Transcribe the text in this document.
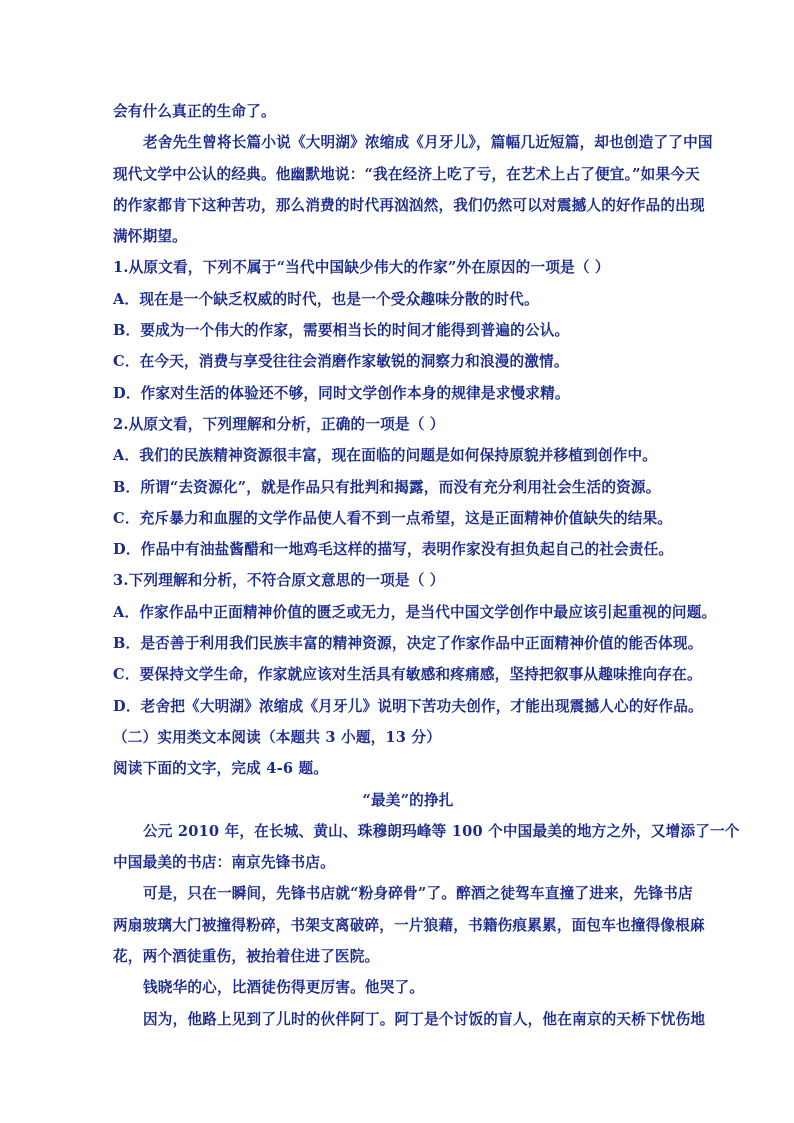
会有什么真正的生命了。
老舍先生曾将长篇小说《大明湖》浓缩成《月牙儿》，篇幅几近短篇，却也创造了了中国
现代文学中公认的经典。他幽默地说：“我在经济上吃了亏，在艺术上占了便宜。”如果今天
的作家都肯下这种苦功，那么消费的时代再汹汹然，我们仍然可以对震撼人的好作品的出现
满怀期望。
1.从原文看，下列不属于“当代中国缺少伟大的作家”外在原因的一项是（ ）
A．现在是一个缺乏权威的时代，也是一个受众趣味分散的时代。
B．要成为一个伟大的作家，需要相当长的时间才能得到普遍的公认。
C．在今天，消费与享受往往会消磨作家敏锐的洞察力和浪漫的激情。
D．作家对生活的体验还不够，同时文学创作本身的规律是求慢求精。
2.从原文看，下列理解和分析，正确的一项是（ ）
A．我们的民族精神资源很丰富，现在面临的问题是如何保持原貌并移植到创作中。
B．所谓“去资源化”，就是作品只有批判和揭露，而没有充分利用社会生活的资源。
C．充斥暴力和血腥的文学作品使人看不到一点希望，这是正面精神价值缺失的结果。
D．作品中有油盐酱醋和一地鸡毛这样的描写，表明作家没有担负起自己的社会责任。
3.下列理解和分析，不符合原文意思的一项是（ ）
A．作家作品中正面精神价值的匮乏或无力，是当代中国文学创作中最应该引起重视的问题。
B．是否善于利用我们民族丰富的精神资源，决定了作家作品中正面精神价值的能否体现。
C．要保持文学生命，作家就应该对生活具有敏感和疼痛感，坚持把叙事从趣味推向存在。
D．老舍把《大明湖》浓缩成《月牙儿》说明下苦功夫创作，才能出现震撼人心的好作品。
（二）实用类文本阅读（本题共 3 小题，13 分）
阅读下面的文字，完成 4-6 题。
“最美”的挣扎
公元 2010 年，在长城、黄山、珠穆朗玛峰等 100 个中国最美的地方之外，又增添了一个
中国最美的书店：南京先锋书店。
可是，只在一瞬间，先锋书店就“粉身碎骨”了。醉酒之徒驾车直撞了进来，先锋书店
两扇玻璃大门被撞得粉碎，书架支离破碎，一片狼藉，书籍伤痕累累，面包车也撞得像根麻
花，两个酒徒重伤，被抬着住进了医院。
钱晓华的心，比酒徒伤得更厉害。他哭了。
因为，他路上见到了儿时的伙伴阿丁。阿丁是个讨饭的盲人，他在南京的天桥下忧伤地
